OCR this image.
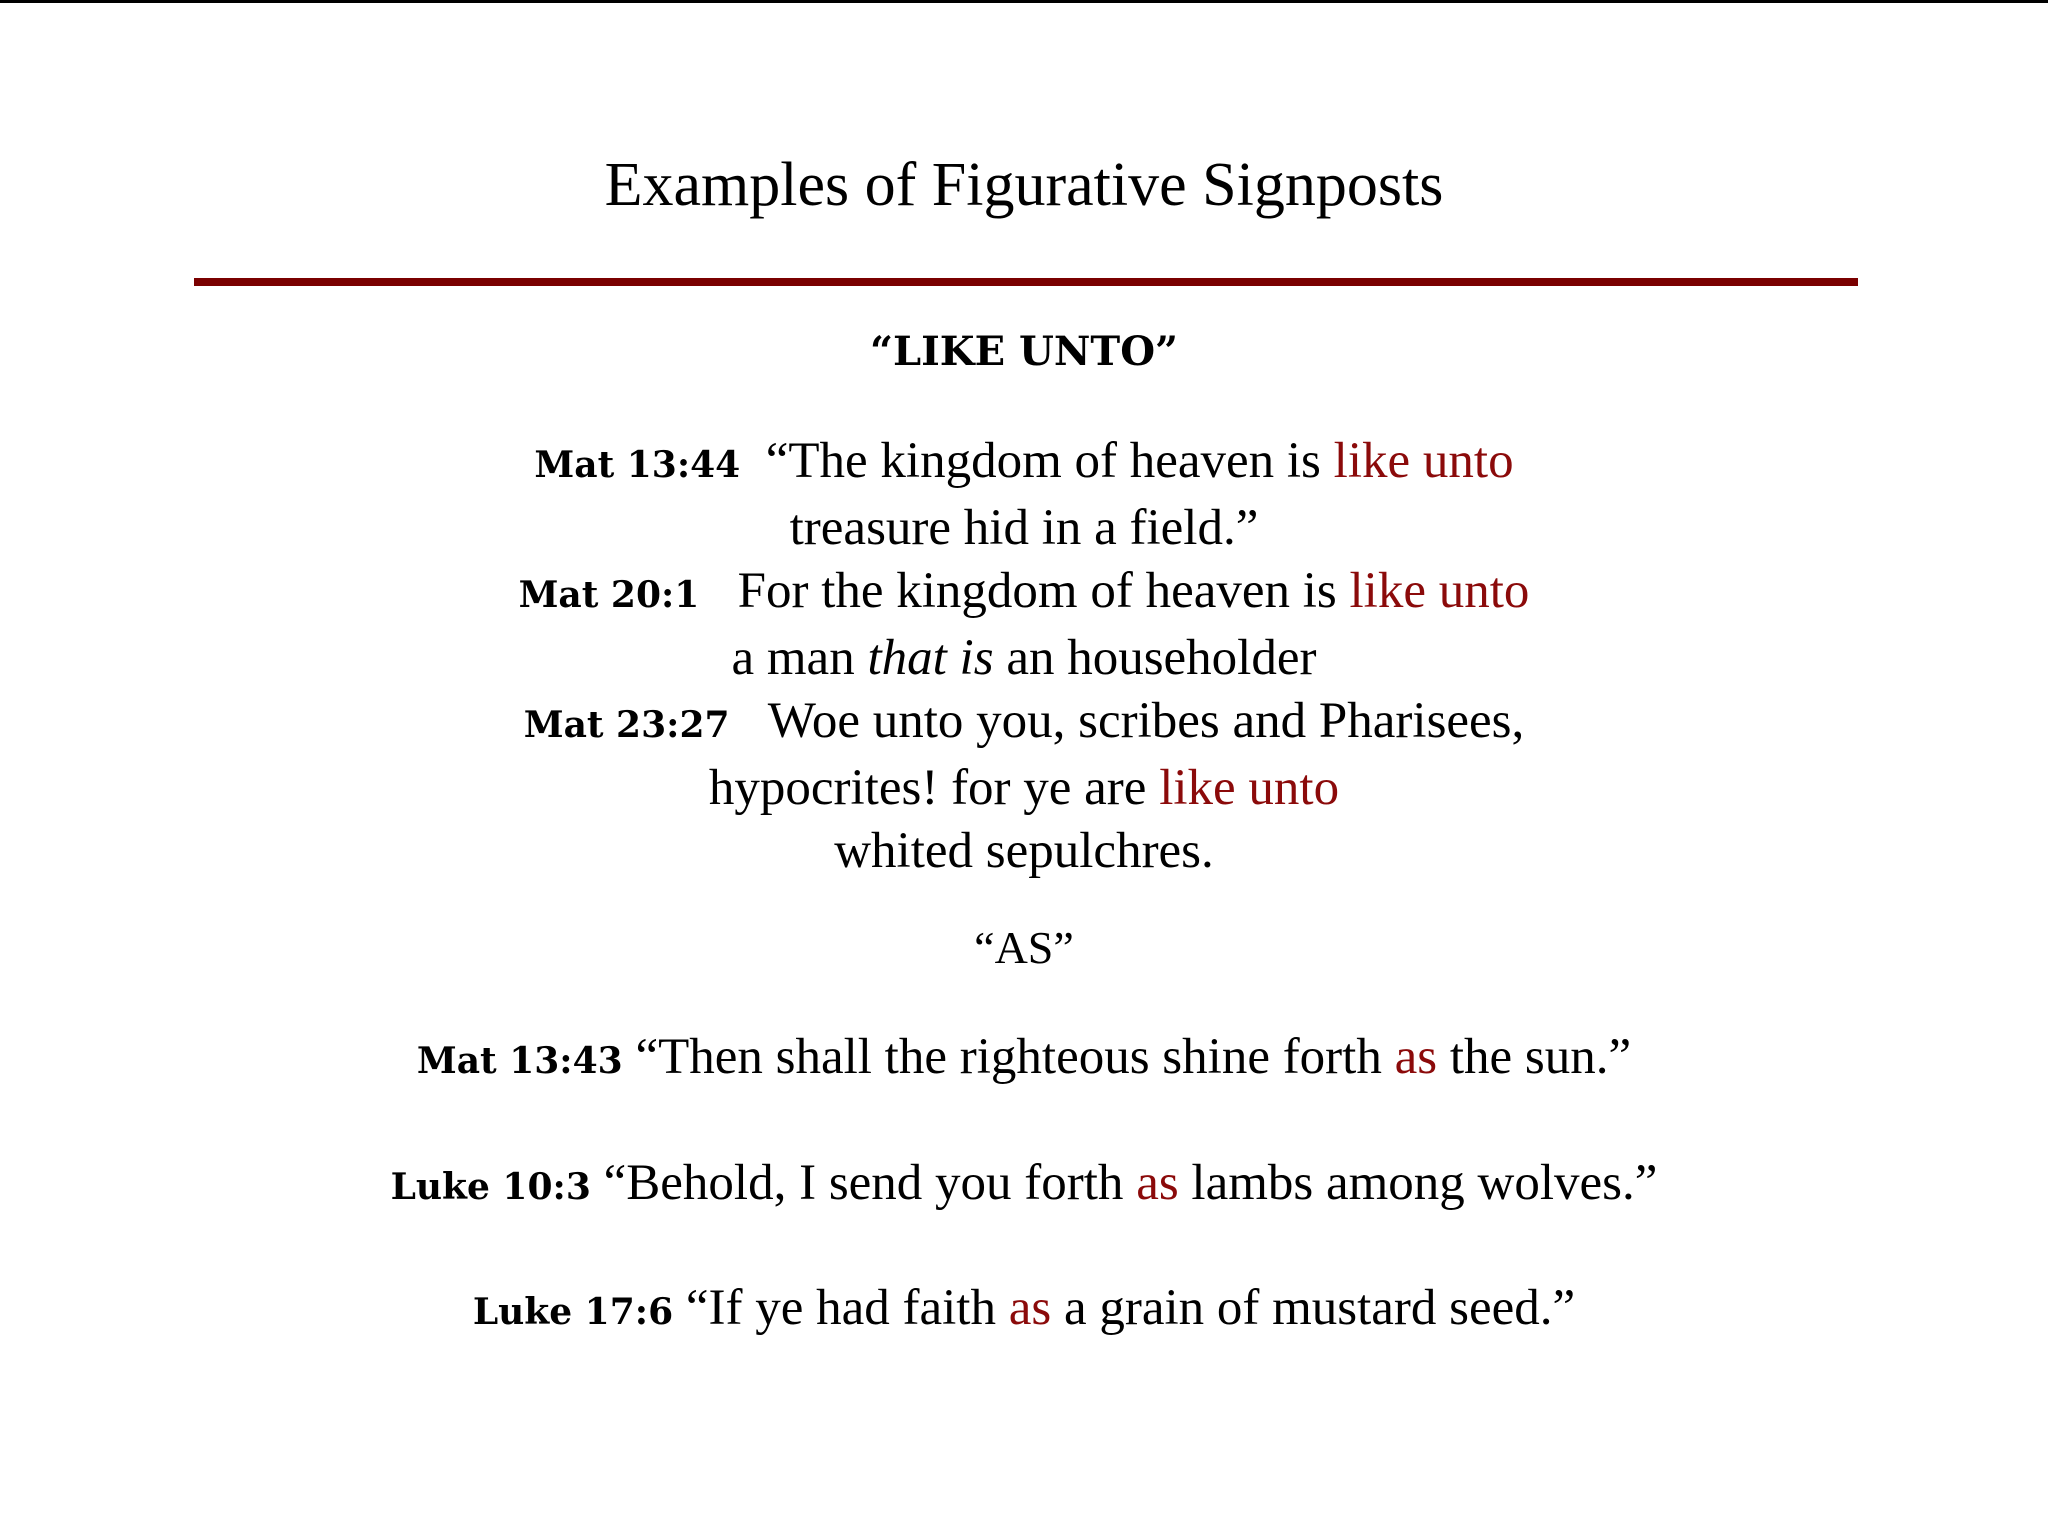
Examples of Figurative Signposts
“LIKE UNTO”
Mat 13:44 “The kingdom of heaven is like unto
treasure hid in a field.”
Mat 20:1 For the kingdom of heaven is like unto
a man that is an householder
Mat 23:27 Woe unto you, scribes and Pharisees,
hypocrites! for ye are like unto
whited sepulchres.
“AS”
Mat 13:43 “Then shall the righteous shine forth as the sun.”
Luke 10:3 “Behold, I send you forth as lambs among wolves.”
Luke 17:6 “If ye had faith as a grain of mustard seed.”
